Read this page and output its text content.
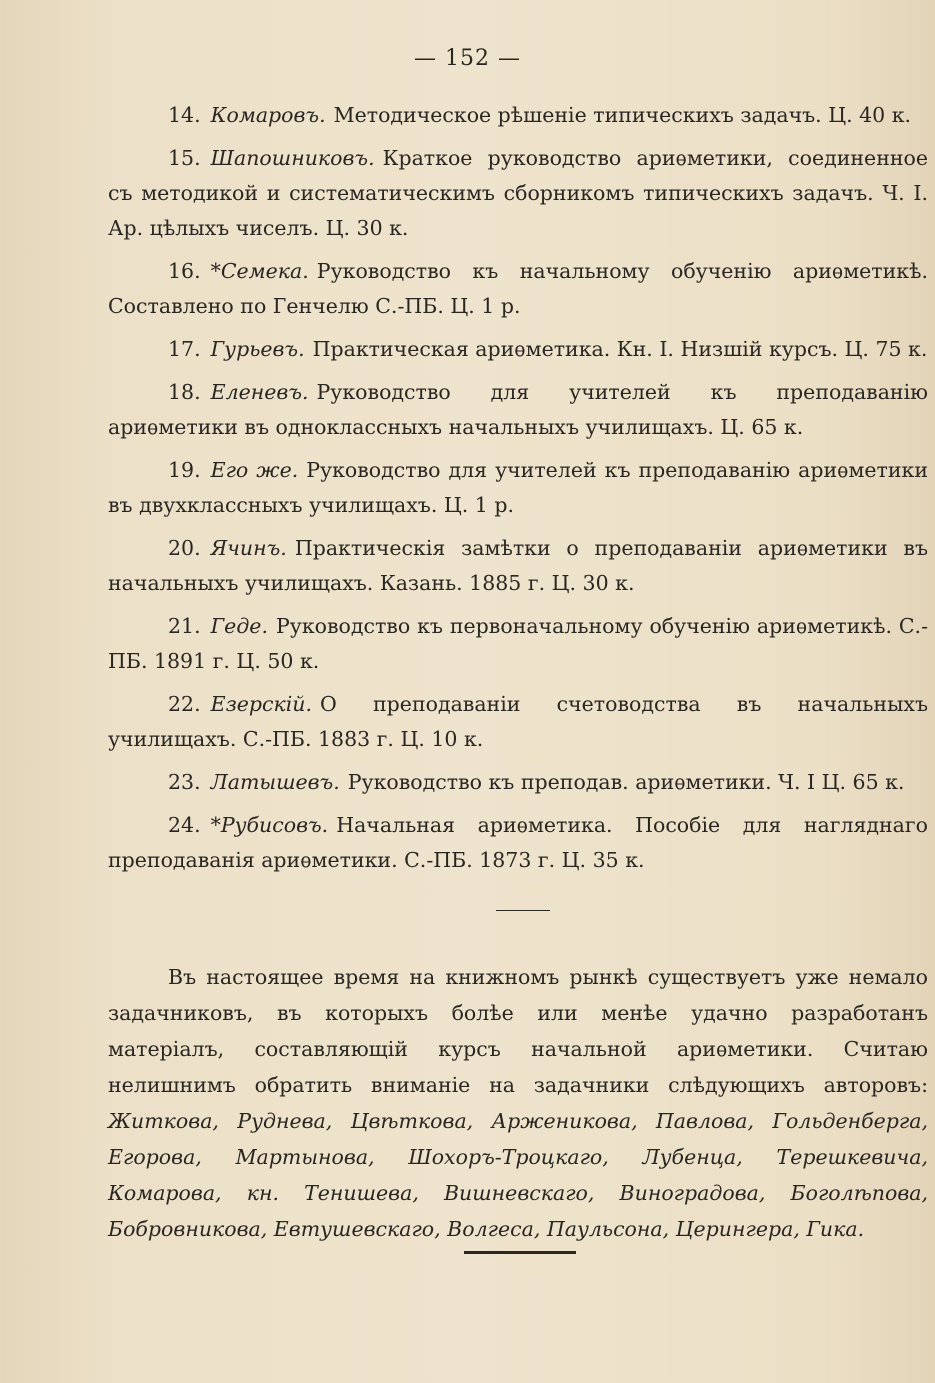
— 152 —

14. Комаровъ. Методическое рѣшеніе типическихъ задачъ. Ц. 40 к.

15. Шапошниковъ. Краткое руководство ариѳметики, соединенное съ методикой и систематическимъ сборникомъ типическихъ задачъ. Ч. I. Ар. цѣлыхъ чиселъ. Ц. 30 к.

16. *Семека. Руководство къ начальному обученію ариѳметикѣ. Составлено по Генчелю С.-ПБ. Ц. 1 р.

17. Гурьевъ. Практическая ариѳметика. Кн. I. Низшій курсъ. Ц. 75 к.

18. Еленевъ. Руководство для учителей къ преподаванію ариѳметики въ одноклассныхъ начальныхъ училищахъ. Ц. 65 к.

19. Его же. Руководство для учителей къ преподаванію ариѳметики въ двухклассныхъ училищахъ. Ц. 1 р.

20. Ячинъ. Практическія замѣтки о преподаваніи ариѳметики въ начальныхъ училищахъ. Казань. 1885 г. Ц. 30 к.

21. Геде. Руководство къ первоначальному обученію ариѳметикѣ. С.-ПБ. 1891 г. Ц. 50 к.

22. Езерскій. О преподаваніи счетоводства въ начальныхъ училищахъ. С.-ПБ. 1883 г. Ц. 10 к.

23. Латышевъ. Руководство къ преподав. ариѳметики. Ч. I Ц. 65 к.

24. *Рубисовъ. Начальная ариѳметика. Пособіе для нагляднаго преподаванія ариѳметики. С.-ПБ. 1873 г. Ц. 35 к.

Въ настоящее время на книжномъ рынкѣ существуетъ уже немало задачниковъ, въ которыхъ болѣе или менѣе удачно разработанъ матеріалъ, составляющій курсъ начальной ариѳметики. Считаю нелишнимъ обратить вниманіе на задачники слѣдующихъ авторовъ: Житкова, Руднева, Цвѣткова, Арженикова, Павлова, Гольденберга, Егорова, Мартынова, Шохоръ-Троцкаго, Лубенца, Терешкевича, Комарова, кн. Тенишева, Вишневскаго, Виноградова, Боголѣпова, Бобровникова, Евтушевскаго, Волгеса, Паульсона, Церингера, Гика.
